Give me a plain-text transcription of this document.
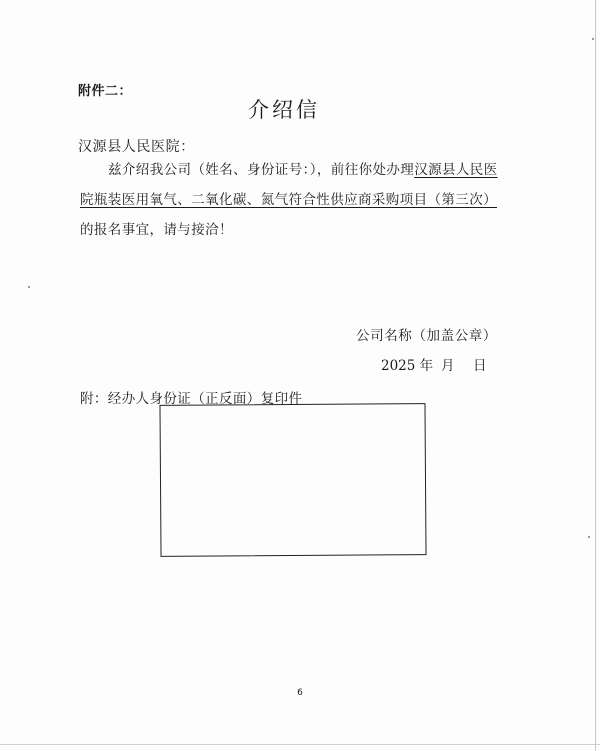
附件二：
介绍信
汉源县人民医院：
兹介绍我公司（姓名、身份证号：），前往你处办理汉源县人民医
院瓶装医用氧气、二氧化碳、氮气符合性供应商采购项目（第三次）
的报名事宜，请与接洽！
公司名称（加盖公章）
2025 年 月 日
附：经办人身份证（正反面）复印件
6
